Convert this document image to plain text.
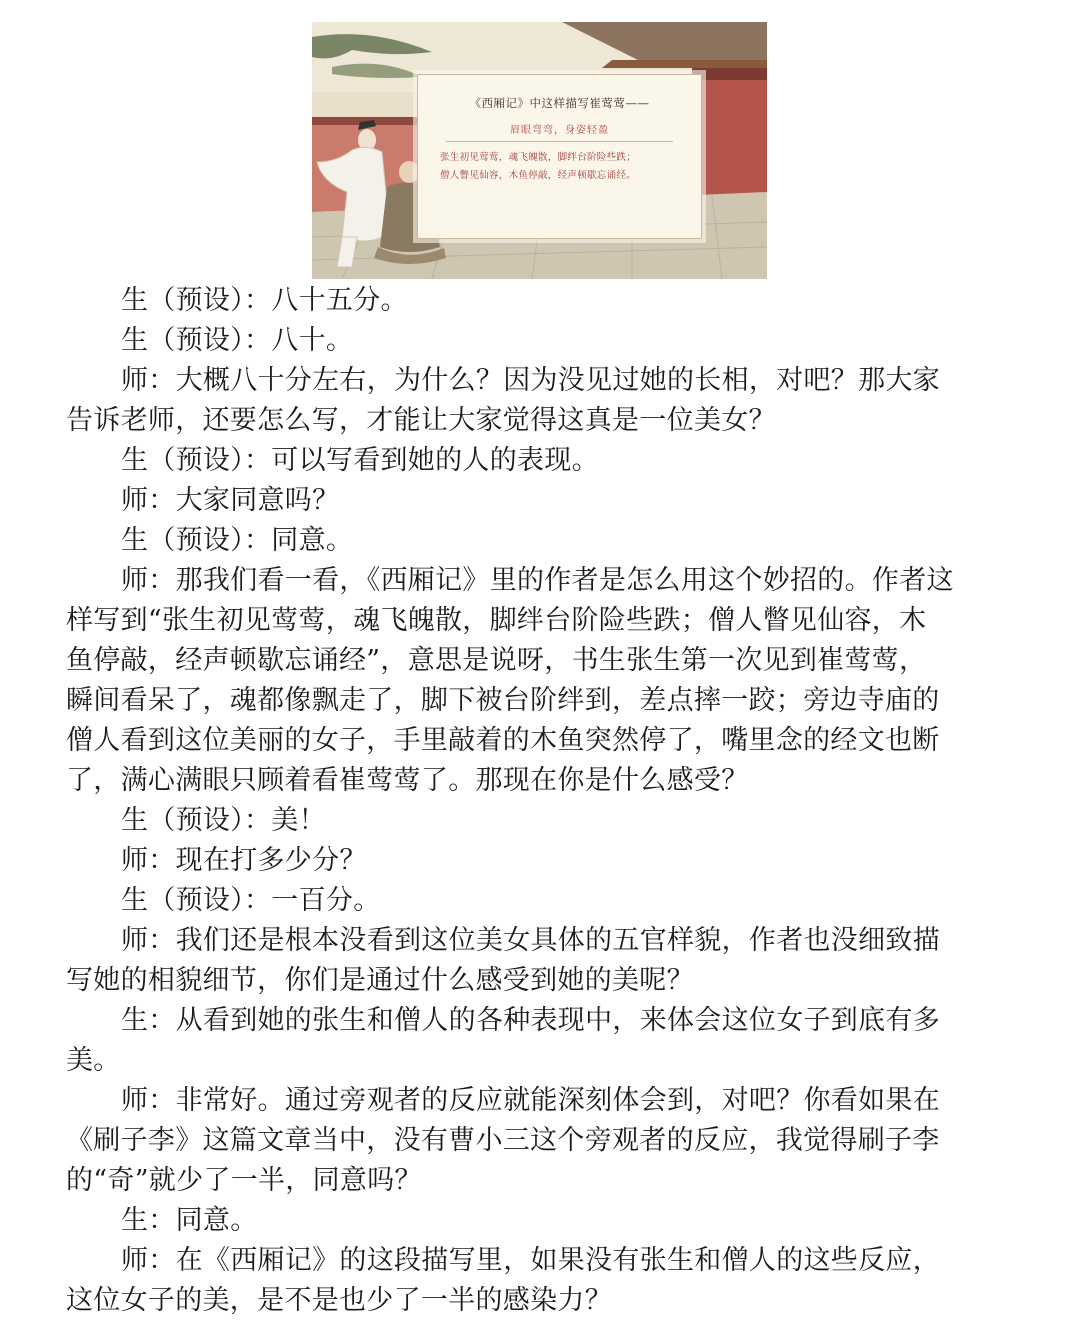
《西厢记》中这样描写崔莺莺——
眉眼弯弯，身姿轻盈
张生初见莺莺，魂飞魄散，脚绊台阶险些跌；
僧人瞥见仙容，木鱼停敲，经声顿歇忘诵经。
生（预设）：八十五分。
生（预设）：八十。
师：大概八十分左右，为什么？因为没见过她的长相，对吧？那大家
告诉老师，还要怎么写，才能让大家觉得这真是一位美女？
生（预设）：可以写看到她的人的表现。
师：大家同意吗？
生（预设）：同意。
师：那我们看一看，《西厢记》里的作者是怎么用这个妙招的。作者这
样写到“张生初见莺莺，魂飞魄散，脚绊台阶险些跌；僧人瞥见仙容，木
鱼停敲，经声顿歇忘诵经”，意思是说呀，书生张生第一次见到崔莺莺，
瞬间看呆了，魂都像飘走了，脚下被台阶绊到，差点摔一跤；旁边寺庙的
僧人看到这位美丽的女子，手里敲着的木鱼突然停了，嘴里念的经文也断
了，满心满眼只顾着看崔莺莺了。那现在你是什么感受？
生（预设）：美！
师：现在打多少分？
生（预设）：一百分。
师：我们还是根本没看到这位美女具体的五官样貌，作者也没细致描
写她的相貌细节，你们是通过什么感受到她的美呢？
生：从看到她的张生和僧人的各种表现中，来体会这位女子到底有多
美。
师：非常好。通过旁观者的反应就能深刻体会到，对吧？你看如果在
《刷子李》这篇文章当中，没有曹小三这个旁观者的反应，我觉得刷子李
的“奇”就少了一半，同意吗？
生：同意。
师：在《西厢记》的这段描写里，如果没有张生和僧人的这些反应，
这位女子的美，是不是也少了一半的感染力？
